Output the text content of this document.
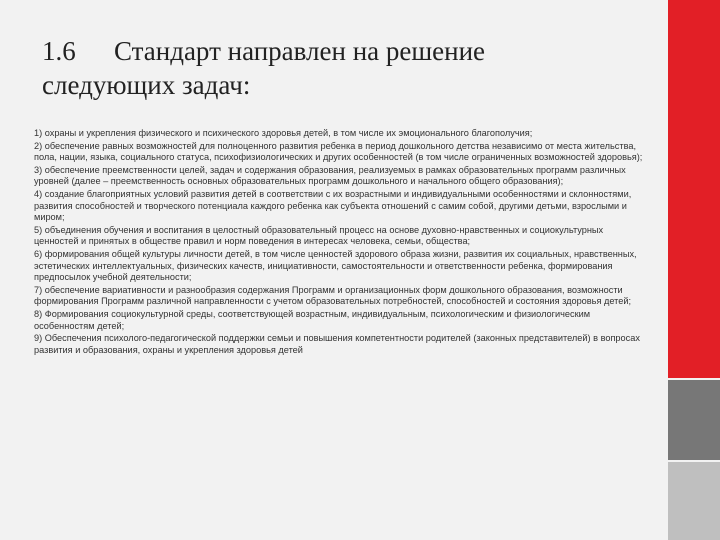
1.6 Стандарт направлен на решение
следующих задач:
1) охраны и укрепления физического и психического здоровья детей, в том числе их эмоционального благополучия;
2) обеспечение равных возможностей для полноценного развития ребенка в период дошкольного детства независимо от места жительства, пола, нации, языка, социального статуса, психофизиологических и других особенностей (в том числе ограниченных возможностей здоровья);
3) обеспечение преемственности целей, задач и содержания образования, реализуемых в рамках образовательных программ различных уровней (далее – преемственность основных образовательных программ дошкольного и начального общего образования);
4) создание благоприятных условий развития детей в соответствии с их возрастными и индивидуальными особенностями и склонностями, развития способностей и творческого потенциала каждого ребенка как субъекта отношений с самим собой, другими детьми, взрослыми и миром;
5) объединения обучения и воспитания в целостный образовательный процесс на основе духовно-нравственных и социокультурных ценностей и принятых в обществе правил и норм поведения в интересах человека, семьи, общества;
6) формирования общей культуры личности детей, в том числе ценностей здорового образа жизни, развития их социальных, нравственных, эстетических интеллектуальных, физических качеств, инициативности, самостоятельности и ответственности ребенка, формирования предпосылок учебной деятельности;
7) обеспечение вариативности и разнообразия содержания Программ и организационных форм дошкольного образования, возможности формирования Программ различной направленности с учетом образовательных потребностей, способностей и состояния здоровья детей;
8) Формирования социокультурной среды, соответствующей возрастным, индивидуальным, психологическим и физиологическим особенностям детей;
9) Обеспечения психолого-педагогической поддержки семьи и повышения компетентности родителей (законных представителей) в вопросах развития и образования, охраны и укрепления здоровья детей
